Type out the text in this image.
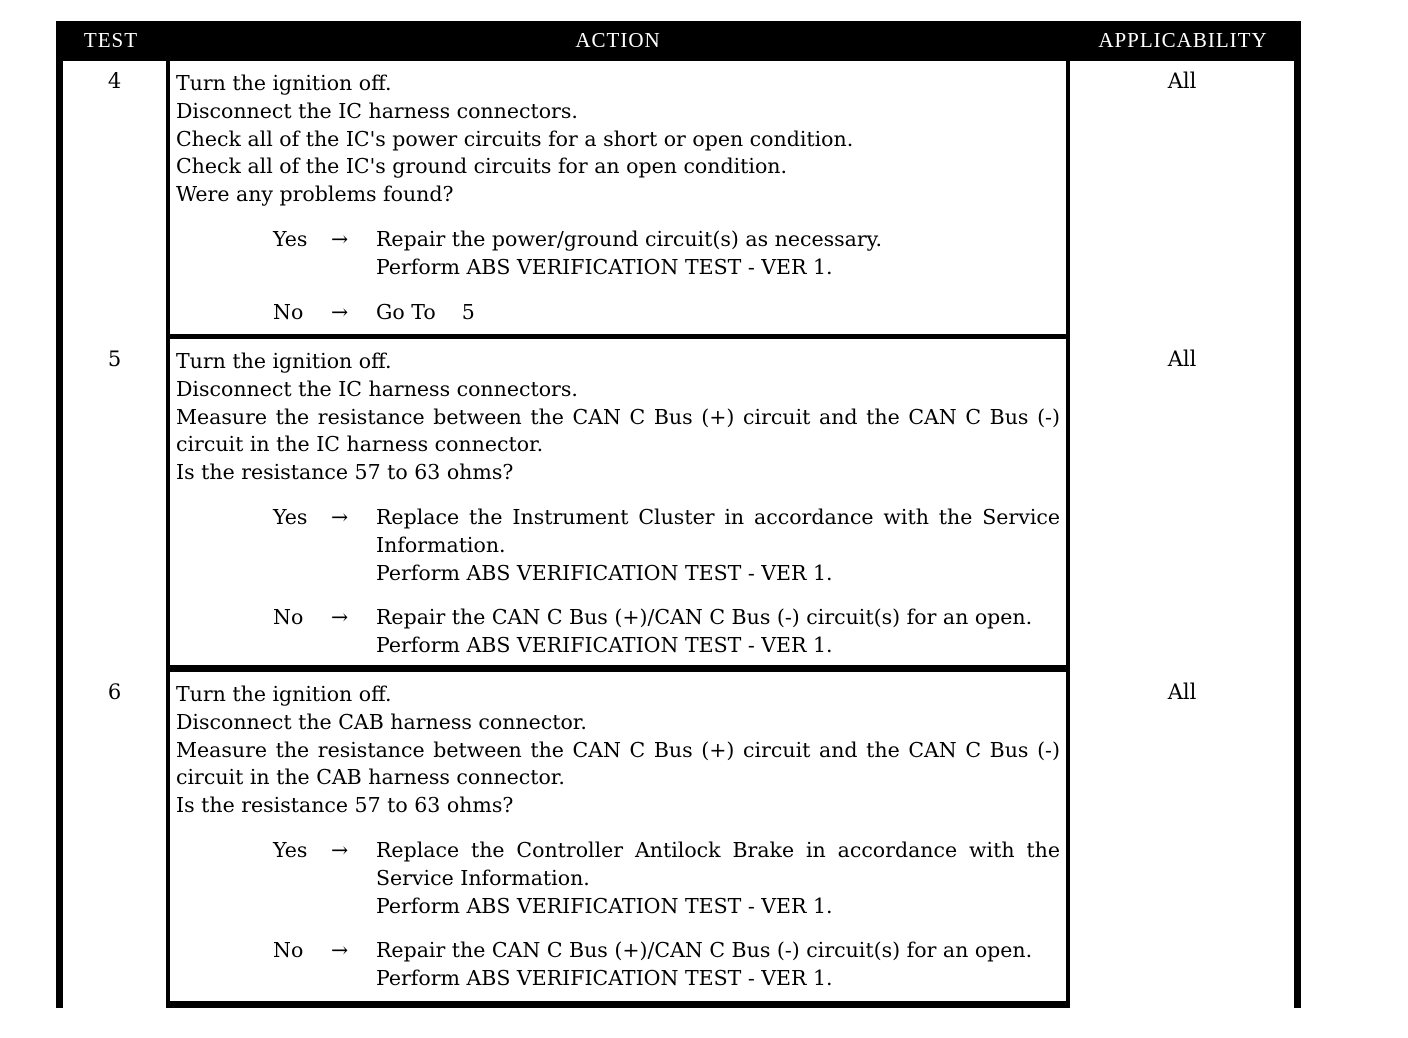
TEST	ACTION	APPLICABILITY
4	Turn the ignition off.
Disconnect the IC harness connectors.
Check all of the IC's power circuits for a short or open condition.
Check all of the IC's ground circuits for an open condition.
Were any problems found?
Yes	→	Repair the power/ground circuit(s) as necessary.
Perform ABS VERIFICATION TEST - VER 1.
No	→	Go To    5
All
5	Turn the ignition off.
Disconnect the IC harness connectors.
Measure the resistance between the CAN C Bus (+) circuit and the CAN C Bus (-) circuit in the IC harness connector.
Is the resistance 57 to 63 ohms?
Yes	→	Replace the Instrument Cluster in accordance with the Service Information.
Perform ABS VERIFICATION TEST - VER 1.
No	→	Repair the CAN C Bus (+)/CAN C Bus (-) circuit(s) for an open.
Perform ABS VERIFICATION TEST - VER 1.
All
6	Turn the ignition off.
Disconnect the CAB harness connector.
Measure the resistance between the CAN C Bus (+) circuit and the CAN C Bus (-) circuit in the CAB harness connector.
Is the resistance 57 to 63 ohms?
Yes	→	Replace the Controller Antilock Brake in accordance with the Service Information.
Perform ABS VERIFICATION TEST - VER 1.
No	→	Repair the CAN C Bus (+)/CAN C Bus (-) circuit(s) for an open.
Perform ABS VERIFICATION TEST - VER 1.
All
